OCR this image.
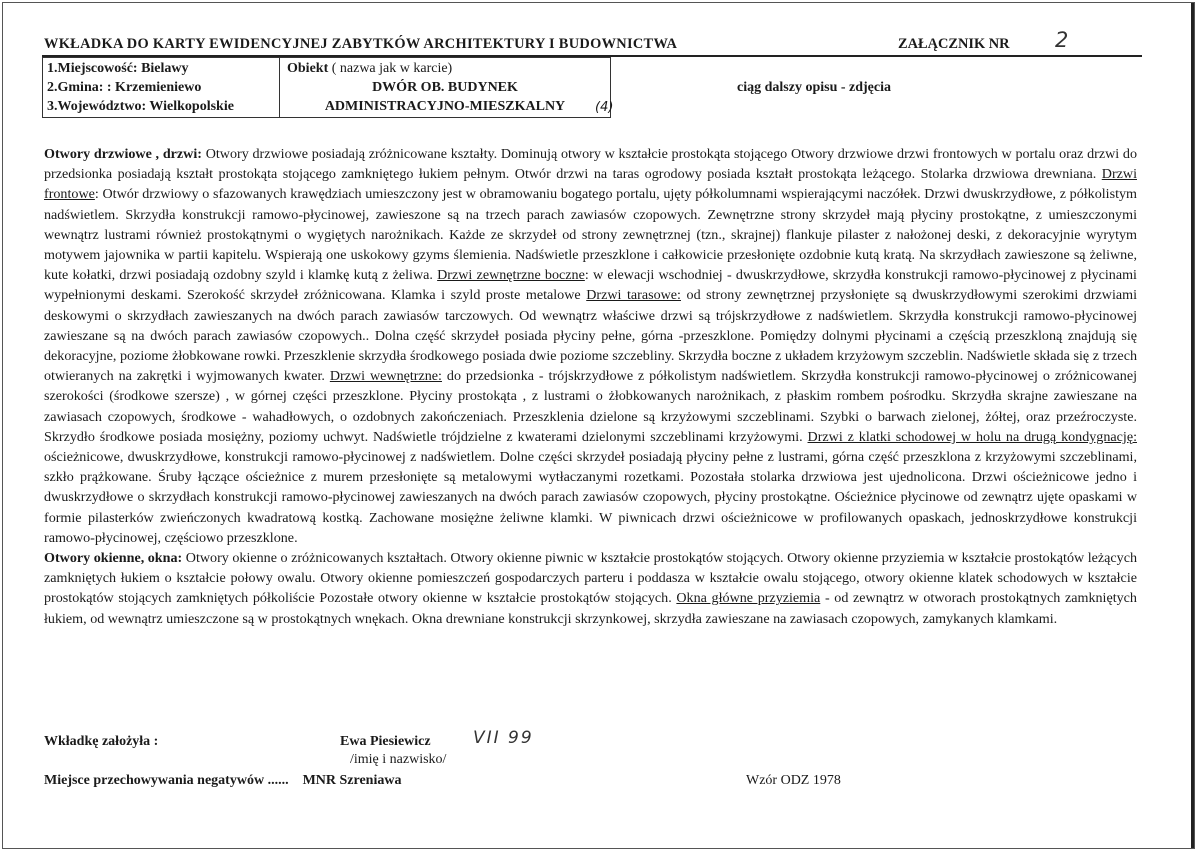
WKŁADKA DO KARTY EWIDENCYJNEJ ZABYTKÓW ARCHITEKTURY I BUDOWNICTWA	ZAŁĄCZNIK NR 2
1.Miejscowość: Bielawy
2.Gmina: : Krzemieniewo
3.Województwo: Wielkopolskie
Obiekt ( nazwa jak w karcie)
DWÓR OB. BUDYNEK
ADMINISTRACYJNO-MIESZKALNY	(4)
ciąg dalszy opisu - zdjęcia

Otwory drzwiowe , drzwi: Otwory drzwiowe posiadają zróżnicowane kształty. Dominują otwory w kształcie prostokąta stojącego Otwory drzwiowe drzwi frontowych w portalu oraz drzwi do przedsionka posiadają kształt prostokąta stojącego zamkniętego łukiem pełnym. Otwór drzwi na taras ogrodowy posiada kształt prostokąta leżącego. Stolarka drzwiowa drewniana. Drzwi frontowe: Otwór drzwiowy o sfazowanych krawędziach umieszczony jest w obramowaniu bogatego portalu, ujęty półkolumnami wspierającymi naczółek. Drzwi dwuskrzydłowe, z półkolistym nadświetlem. Skrzydła konstrukcji ramowo-płycinowej, zawieszone są na trzech parach zawiasów czopowych. Zewnętrzne strony skrzydeł mają płyciny prostokątne, z umieszczonymi wewnątrz lustrami również prostokątnymi o wygiętych narożnikach. Każde ze skrzydeł od strony zewnętrznej (tzn., skrajnej) flankuje pilaster z nałożonej deski, z dekoracyjnie wyrytym motywem jajownika w partii kapitelu. Wspierają one uskokowy gzyms ślemienia. Nadświetle przeszklone i całkowicie przesłonięte ozdobnie kutą kratą. Na skrzydłach zawieszone są żeliwne, kute kołatki, drzwi posiadają ozdobny szyld i klamkę kutą z żeliwa. Drzwi zewnętrzne boczne: w elewacji wschodniej - dwuskrzydłowe, skrzydła konstrukcji ramowo-płycinowej z płycinami wypełnionymi deskami. Szerokość skrzydeł zróżnicowana. Klamka i szyld proste metalowe Drzwi tarasowe: od strony zewnętrznej przysłonięte są dwuskrzydłowymi szerokimi drzwiami deskowymi o skrzydłach zawieszanych na dwóch parach zawiasów tarczowych. Od wewnątrz właściwe drzwi są trójskrzydłowe z nadświetlem. Skrzydła konstrukcji ramowo-płycinowej zawieszane są na dwóch parach zawiasów czopowych.. Dolna część skrzydeł posiada płyciny pełne, górna -przeszklone. Pomiędzy dolnymi płycinami a częścią przeszkloną znajdują się dekoracyjne, poziome żłobkowane rowki. Przeszklenie skrzydła środkowego posiada dwie poziome szczebliny. Skrzydła boczne z układem krzyżowym szczeblin. Nadświetle składa się z trzech otwieranych na zakrętki i wyjmowanych kwater. Drzwi wewnętrzne: do przedsionka - trójskrzydłowe z półkolistym nadświetlem. Skrzydła konstrukcji ramowo-płycinowej o zróżnicowanej szerokości (środkowe szersze) , w górnej części przeszklone. Płyciny prostokąta , z lustrami o żłobkowanych narożnikach, z płaskim rombem pośrodku. Skrzydła skrajne zawieszane na zawiasach czopowych, środkowe - wahadłowych, o ozdobnych zakończeniach. Przeszklenia dzielone są krzyżowymi szczeblinami. Szybki o barwach zielonej, żółtej, oraz przeźroczyste. Skrzydło środkowe posiada mosiężny, poziomy uchwyt. Nadświetle trójdzielne z kwaterami dzielonymi szczeblinami krzyżowymi. Drzwi z klatki schodowej w holu na drugą kondygnację: ościeżnicowe, dwuskrzydłowe, konstrukcji ramowo-płycinowej z nadświetlem. Dolne części skrzydeł posiadają płyciny pełne z lustrami, górna część przeszklona z krzyżowymi szczeblinami, szkło prążkowane. Śruby łączące ościeżnice z murem przesłonięte są metalowymi wytłaczanymi rozetkami. Pozostała stolarka drzwiowa jest ujednolicona. Drzwi ościeżnicowe jedno i dwuskrzydłowe o skrzydłach konstrukcji ramowo-płycinowej zawieszanych na dwóch parach zawiasów czopowych, płyciny prostokątne. Ościeżnice płycinowe od zewnątrz ujęte opaskami w formie pilasterków zwieńczonych kwadratową kostką. Zachowane mosiężne żeliwne klamki. W piwnicach drzwi ościeżnicowe w profilowanych opaskach, jednoskrzydłowe konstrukcji ramowo-płycinowej, częściowo przeszklone.

Otwory okienne, okna: Otwory okienne o zróżnicowanych kształtach. Otwory okienne piwnic w kształcie prostokątów stojących. Otwory okienne przyziemia w kształcie prostokątów leżących zamkniętych łukiem o kształcie połowy owalu. Otwory okienne pomieszczeń gospodarczych parteru i poddasza w kształcie owalu stojącego, otwory okienne klatek schodowych w kształcie prostokątów stojących zamkniętych półkoliście Pozostałe otwory okienne w kształcie prostokątów stojących. Okna główne przyziemia - od zewnątrz w otworach prostokątnych zamkniętych łukiem, od wewnątrz umieszczone są w prostokątnych wnękach. Okna drewniane konstrukcji skrzynkowej, skrzydła zawieszane na zawiasach czopowych, zamykanych klamkami.

Wkładkę założyła :	Ewa Piesiewicz VII 99
/imię i nazwisko/
Miejsce przechowywania negatywów ...... MNR Szreniawa	Wzór ODZ 1978
